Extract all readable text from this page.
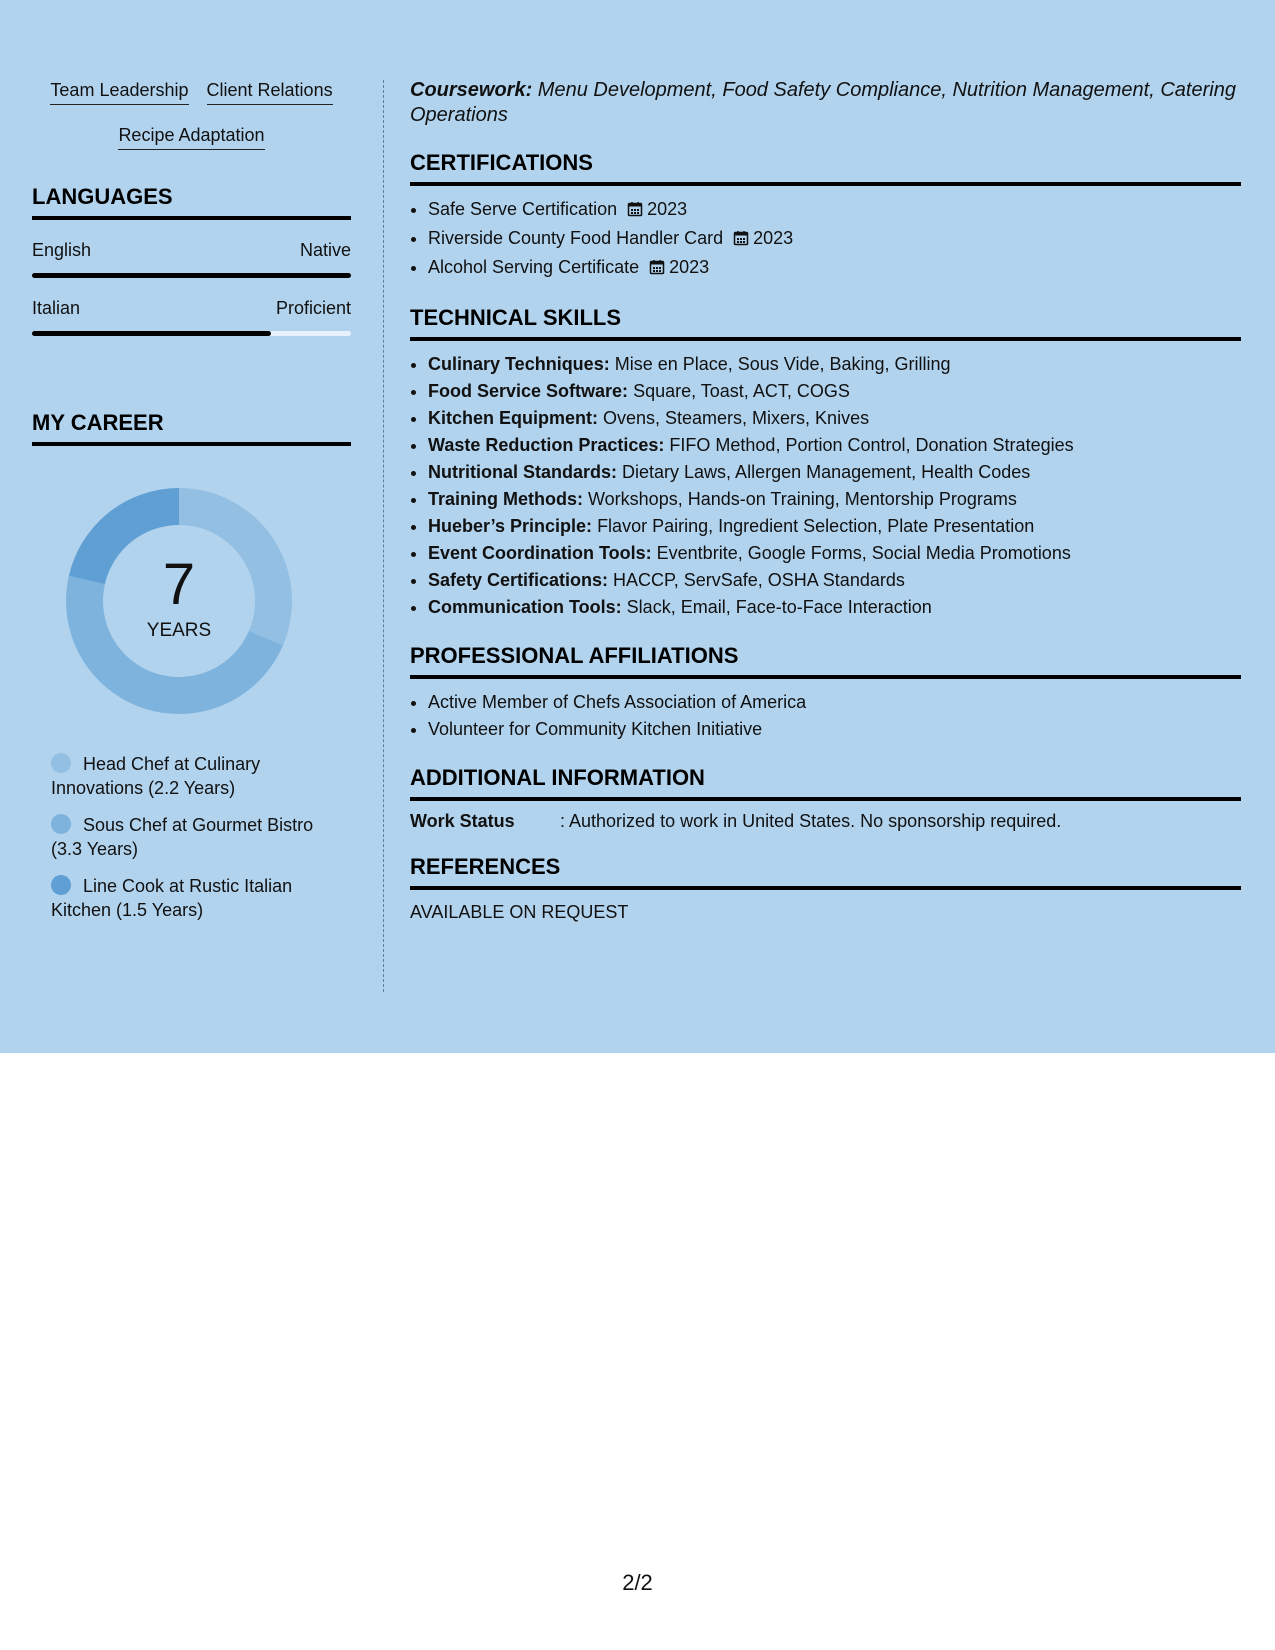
Team Leadership Client Relations
Recipe Adaptation
LANGUAGES
English	Native
Italian	Proficient
MY CAREER
7
YEARS
Head Chef at Culinary Innovations (2.2 Years)
Sous Chef at Gourmet Bistro (3.3 Years)
Line Cook at Rustic Italian Kitchen (1.5 Years)

Coursework: Menu Development, Food Safety Compliance, Nutrition Management, Catering Operations

CERTIFICATIONS
• Safe Serve Certification 2023
• Riverside County Food Handler Card 2023
• Alcohol Serving Certificate 2023
TECHNICAL SKILLS
• Culinary Techniques: Mise en Place, Sous Vide, Baking, Grilling
• Food Service Software: Square, Toast, ACT, COGS
• Kitchen Equipment: Ovens, Steamers, Mixers, Knives
• Waste Reduction Practices: FIFO Method, Portion Control, Donation Strategies
• Nutritional Standards: Dietary Laws, Allergen Management, Health Codes
• Training Methods: Workshops, Hands-on Training, Mentorship Programs
• Hueber’s Principle: Flavor Pairing, Ingredient Selection, Plate Presentation
• Event Coordination Tools: Eventbrite, Google Forms, Social Media Promotions
• Safety Certifications: HACCP, ServSafe, OSHA Standards
• Communication Tools: Slack, Email, Face-to-Face Interaction
PROFESSIONAL AFFILIATIONS
• Active Member of Chefs Association of America
• Volunteer for Community Kitchen Initiative
ADDITIONAL INFORMATION
Work Status	: Authorized to work in United States. No sponsorship required.
REFERENCES
AVAILABLE ON REQUEST
2/2
